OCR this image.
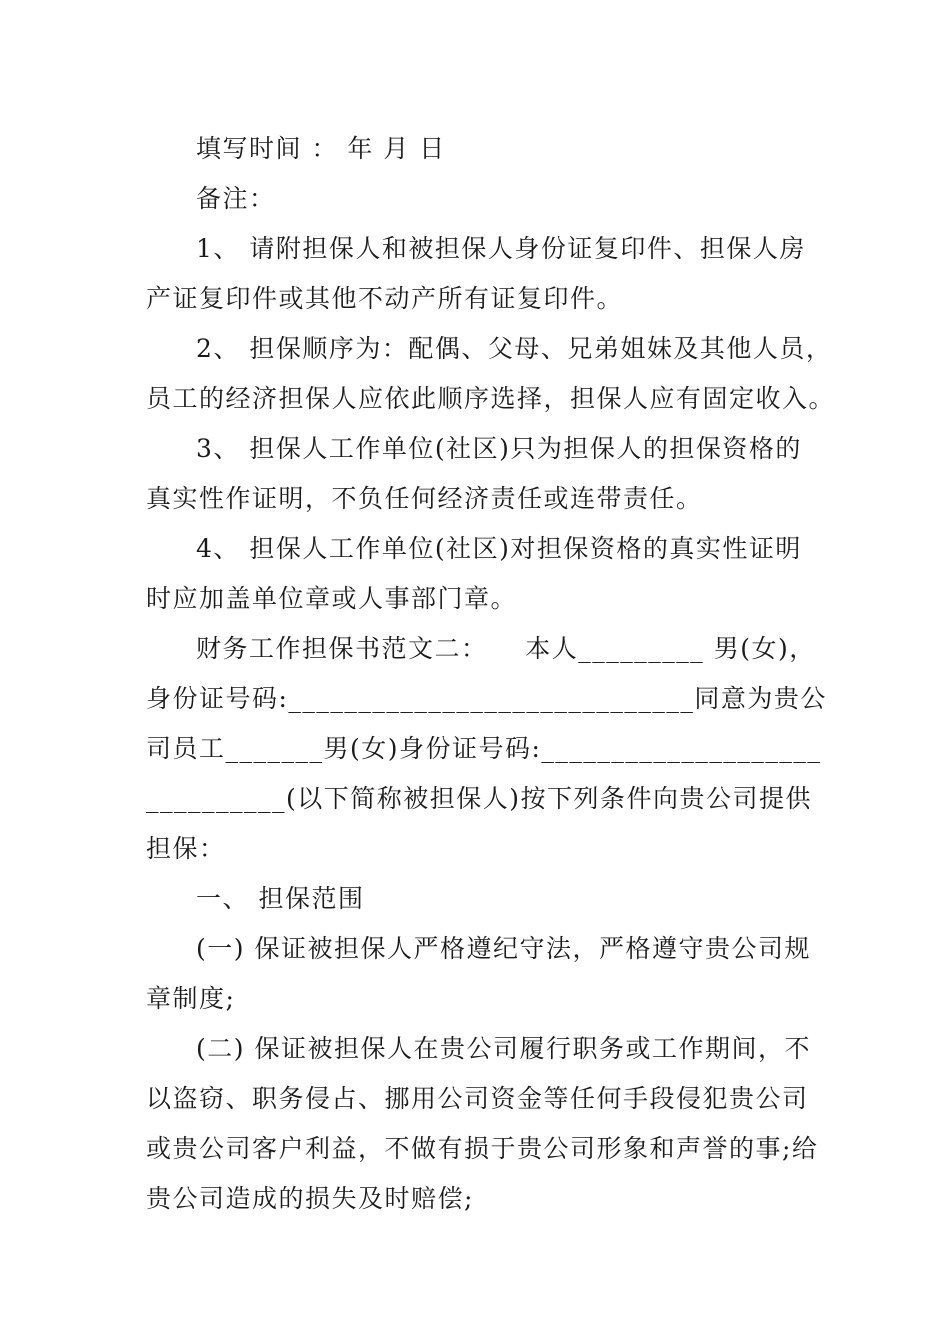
填写时间 ： 年 月 日
备注：
1、 请附担保人和被担保人身份证复印件、担保人房
产证复印件或其他不动产所有证复印件。
2、 担保顺序为：配偶、父母、兄弟姐妹及其他人员，
员工的经济担保人应依此顺序选择，担保人应有固定收入。
3、 担保人工作单位(社区)只为担保人的担保资格的
真实性作证明，不负任何经济责任或连带责任。
4、 担保人工作单位(社区)对担保资格的真实性证明
时应加盖单位章或人事部门章。
财务工作担保书范文二：    本人_________ 男(女)，
身份证号码:_____________________________同意为贵公
司员工_______男(女)身份证号码:____________________
__________(以下简称被担保人)按下列条件向贵公司提供
担保：
一、 担保范围
(一) 保证被担保人严格遵纪守法，严格遵守贵公司规
章制度;
(二) 保证被担保人在贵公司履行职务或工作期间，不
以盗窃、职务侵占、挪用公司资金等任何手段侵犯贵公司
或贵公司客户利益，不做有损于贵公司形象和声誉的事;给
贵公司造成的损失及时赔偿;
